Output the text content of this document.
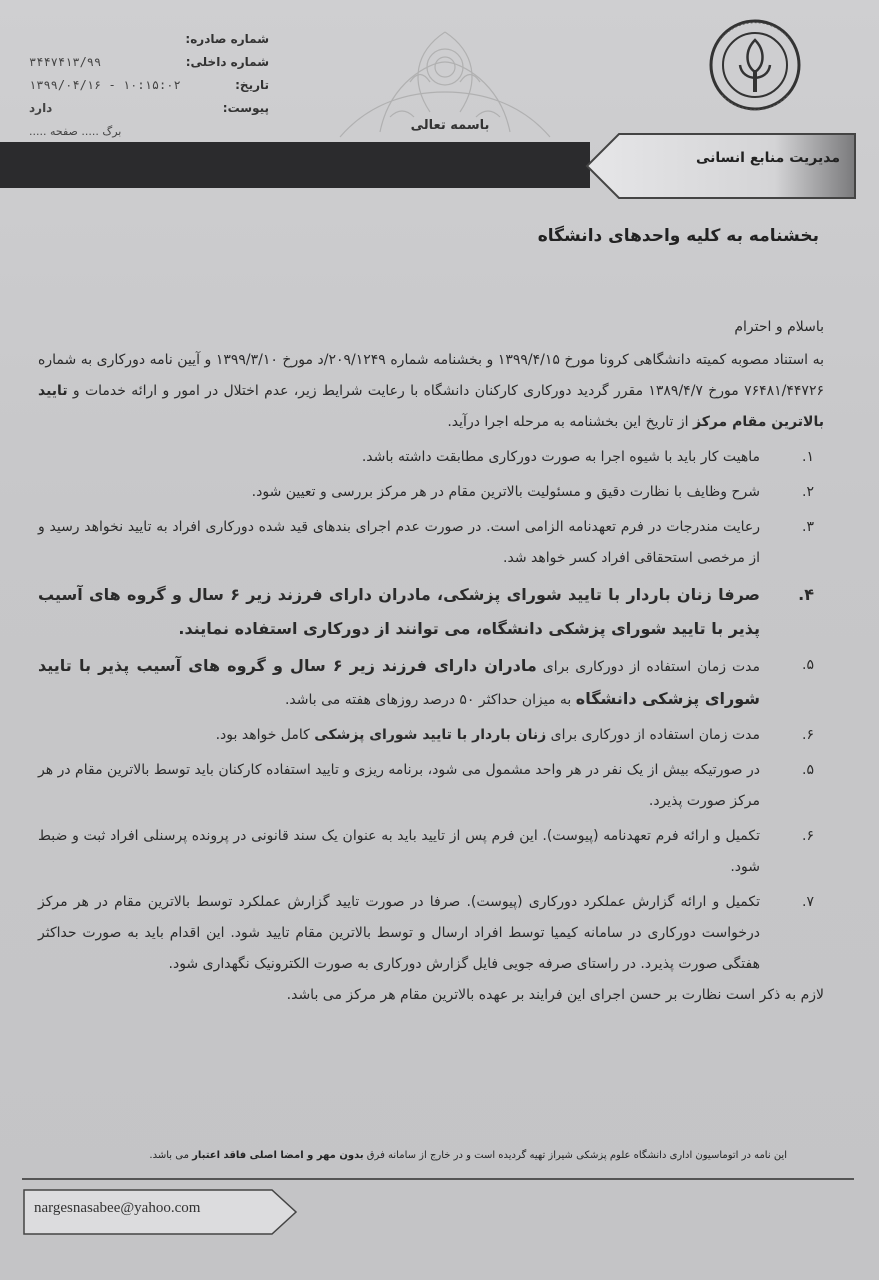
باسمه تعالی
شماره صادره:
شماره داخلی:
۳۴۴۷۴۱۳/۹۹
تاریخ:
۱۳۹۹/۰۴/۱۶ - ۱۰:۱۵:۰۲
پیوست:
دارد
برگ ..... صفحه .....
مدیریت منابع انسانی
بخشنامه به کلیه واحدهای دانشگاه

باسلام و احترام

به استناد مصوبه کمیته دانشگاهی کرونا مورخ ۱۳۹۹/۴/۱۵ و بخشنامه شماره ۲۰۹/۱۲۴۹/د مورخ ۱۳۹۹/۳/۱۰ و آیین نامه دورکاری به شماره ۷۶۴۸۱/۴۴۷۲۶ مورخ ۱۳۸۹/۴/۷ مقرر گردید دورکاری کارکنان دانشگاه با رعایت شرایط زیر، عدم اختلال در امور و ارائه خدمات و تایید بالاترین مقام مرکز از تاریخ این بخشنامه به مرحله اجرا درآید.

۱.
ماهیت کار باید با شیوه اجرا به صورت دورکاری مطابقت داشته باشد.

۲.
شرح وظایف با نظارت دقیق و مسئولیت بالاترین مقام در هر مرکز بررسی و تعیین شود.

۳.
رعایت مندرجات در فرم تعهدنامه الزامی است. در صورت عدم اجرای بندهای قید شده دورکاری افراد به تایید نخواهد رسید و از مرخصی استحقاقی افراد کسر خواهد شد.

۴.
صرفا زنان باردار با تایید شورای پزشکی، مادران دارای فرزند زیر ۶ سال و گروه های آسیب پذیر با تایید شورای پزشکی دانشگاه، می توانند از دورکاری استفاده نمایند.

۵.
مدت زمان استفاده از دورکاری برای مادران دارای فرزند زیر ۶ سال و گروه های آسیب پذیر با تایید شورای پزشکی دانشگاه به میزان حداکثر ۵۰ درصد روزهای هفته می باشد.

۶.
مدت زمان استفاده از دورکاری برای زنان باردار با تایید شورای پزشکی کامل خواهد بود.

۵.
در صورتیکه بیش از یک نفر در هر واحد مشمول می شود، برنامه ریزی و تایید استفاده کارکنان باید توسط بالاترین مقام در هر مرکز صورت پذیرد.

۶.
تکمیل و ارائه فرم تعهدنامه (پیوست). این فرم پس از تایید باید به عنوان یک سند قانونی در پرونده پرسنلی افراد ثبت و ضبط شود.

۷.
تکمیل و ارائه گزارش عملکرد دورکاری (پیوست). صرفا در صورت تایید گزارش عملکرد توسط بالاترین مقام در هر مرکز درخواست دورکاری در سامانه کیمیا توسط افراد ارسال و توسط بالاترین مقام تایید شود. این اقدام باید به صورت حداکثر هفتگی صورت پذیرد. در راستای صرفه جویی فایل گزارش دورکاری به صورت الکترونیک نگهداری شود.

لازم به ذکر است نظارت بر حسن اجرای این فرایند بر عهده بالاترین مقام هر مرکز می باشد.

این نامه در اتوماسیون اداری دانشگاه علوم پزشکی شیراز تهیه گردیده است و در خارج از سامانه فرق بدون مهر و امضا اصلی فاقد اعتبار می باشد.
nargesnasabee@yahoo.com
